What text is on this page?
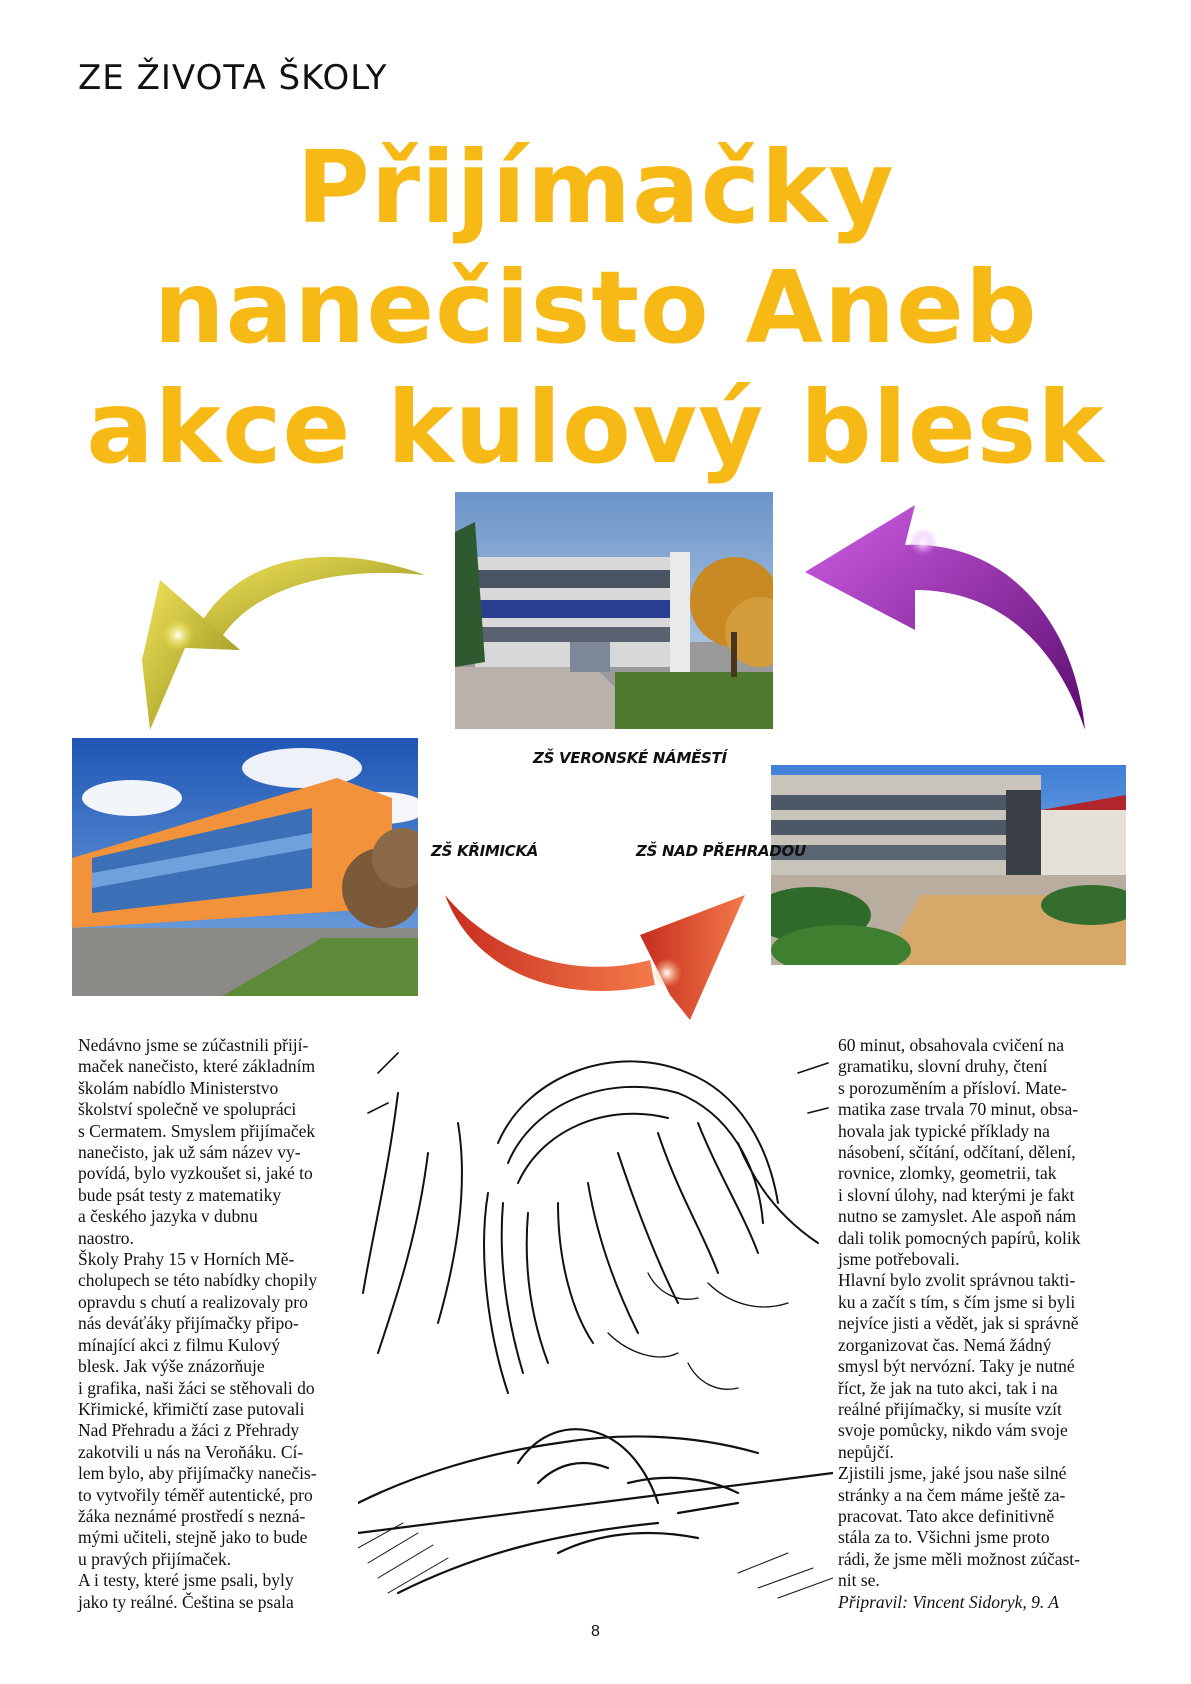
ZE ŽIVOTA ŠKOLY
Přijímačky
nanečisto Aneb
akce kulový blesk
ZŠ VERONSKÉ NÁMĚSTÍ
ZŠ KŘIMICKÁ	ZŠ NAD PŘEHRADOU

Nedávno jsme se zúčastnili přijí-

maček nanečisto, které základním

školám nabídlo Ministerstvo

školství společně ve spolupráci

s Cermatem. Smyslem přijímaček

nanečisto, jak už sám název vy-

povídá, bylo vyzkoušet si, jaké to

bude psát testy z matematiky

a českého jazyka v dubnu

naostro.

Školy Prahy 15 v Horních Mě-

cholupech se této nabídky chopily

opravdu s chutí a realizovaly pro

nás deváťáky přijímačky připo-

mínající akci z filmu Kulový

blesk. Jak výše znázorňuje

i grafika, naši žáci se stěhovali do

Křimické, křimičtí zase putovali

Nad Přehradu a žáci z Přehrady

zakotvili u nás na Veroňáku. Cí-

lem bylo, aby přijímačky nanečis-

to vytvořily téměř autentické, pro

žáka neznámé prostředí s nezná-

mými učiteli, stejně jako to bude

u pravých přijímaček.

A i testy, které jsme psali, byly

jako ty reálné. Čeština se psala

60 minut, obsahovala cvičení na

gramatiku, slovní druhy, čtení

s porozuměním a přísloví. Mate-

matika zase trvala 70 minut, obsa-

hovala jak typické příklady na

násobení, sčítání, odčítaní, dělení,

rovnice, zlomky, geometrii, tak

i slovní úlohy, nad kterými je fakt

nutno se zamyslet. Ale aspoň nám

dali tolik pomocných papírů, kolik

jsme potřebovali.

Hlavní bylo zvolit správnou takti-

ku a začít s tím, s čím jsme si byli

nejvíce jisti a vědět, jak si správně

zorganizovat čas. Nemá žádný

smysl být nervózní. Taky je nutné

říct, že jak na tuto akci, tak i na

reálné přijímačky, si musíte vzít

svoje pomůcky, nikdo vám svoje

nepůjčí.

Zjistili jsme, jaké jsou naše silné

stránky a na čem máme ještě za-

pracovat. Tato akce definitivně

stála za to. Všichni jsme proto

rádi, že jsme měli možnost zúčast-

nit se.

Připravil: Vincent Sidoryk, 9. A

8
